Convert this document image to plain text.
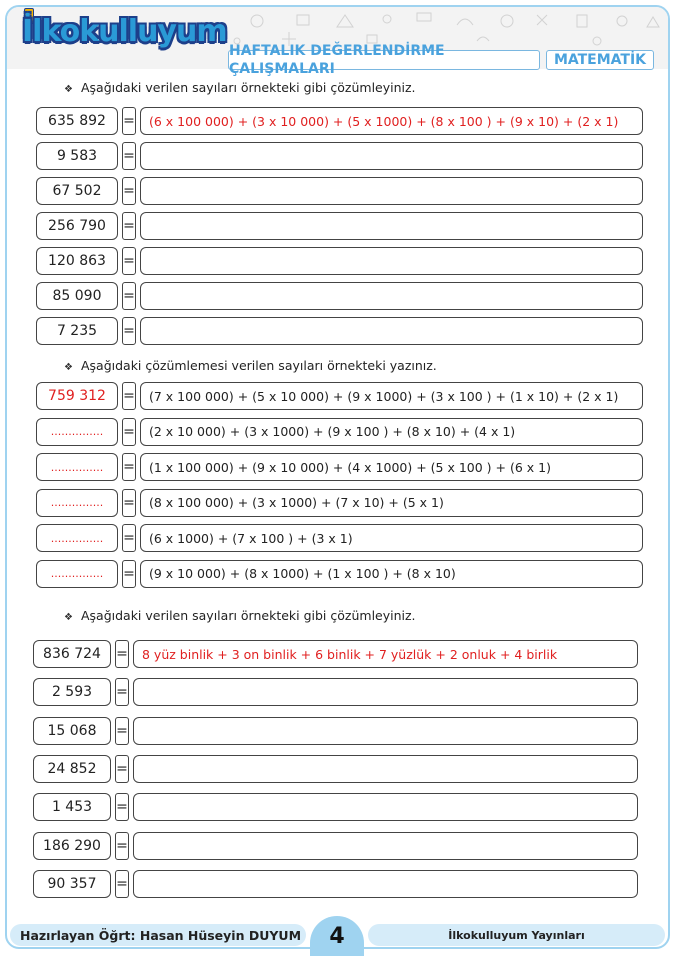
İlkokulluyum
HAFTALIK DEĞERLENDİRME ÇALIŞMALARI
MATEMATİK
❖ Aşağıdaki verilen sayıları örnekteki gibi çözümleyiniz.
635 892	=	(6 x 100 000) + (3 x 10 000) + (5 x 1000) + (8 x 100 ) + (9 x 10) + (2 x 1)
9 583	=
67 502	=
256 790	=
120 863	=
85 090	=
7 235	=
❖ Aşağıdaki çözümlemesi verilen sayıları örnekteki yazınız.
759 312	=	(7 x 100 000) + (5 x 10 000) + (9 x 1000) + (3 x 100 ) + (1 x 10) + (2 x 1)
...............	=	(2 x 10 000) + (3 x 1000) + (9 x 100 ) + (8 x 10) + (4 x 1)
...............	=	(1 x 100 000) + (9 x 10 000) + (4 x 1000) + (5 x 100 ) + (6 x 1)
...............	=	(8 x 100 000) + (3 x 1000) + (7 x 10) + (5 x 1)
...............	=	(6 x 1000) + (7 x 100 ) + (3 x 1)
...............	=	(9 x 10 000) + (8 x 1000) + (1 x 100 ) + (8 x 10)
❖ Aşağıdaki verilen sayıları örnekteki gibi çözümleyiniz.
836 724	=	8 yüz binlik + 3 on binlik + 6 binlik + 7 yüzlük + 2 onluk + 4 birlik
2 593	=
15 068	=
24 852	=
1 453	=
186 290	=
90 357	=
Hazırlayan Öğrt: Hasan Hüseyin DUYUM	4	İlkokulluyum Yayınları
